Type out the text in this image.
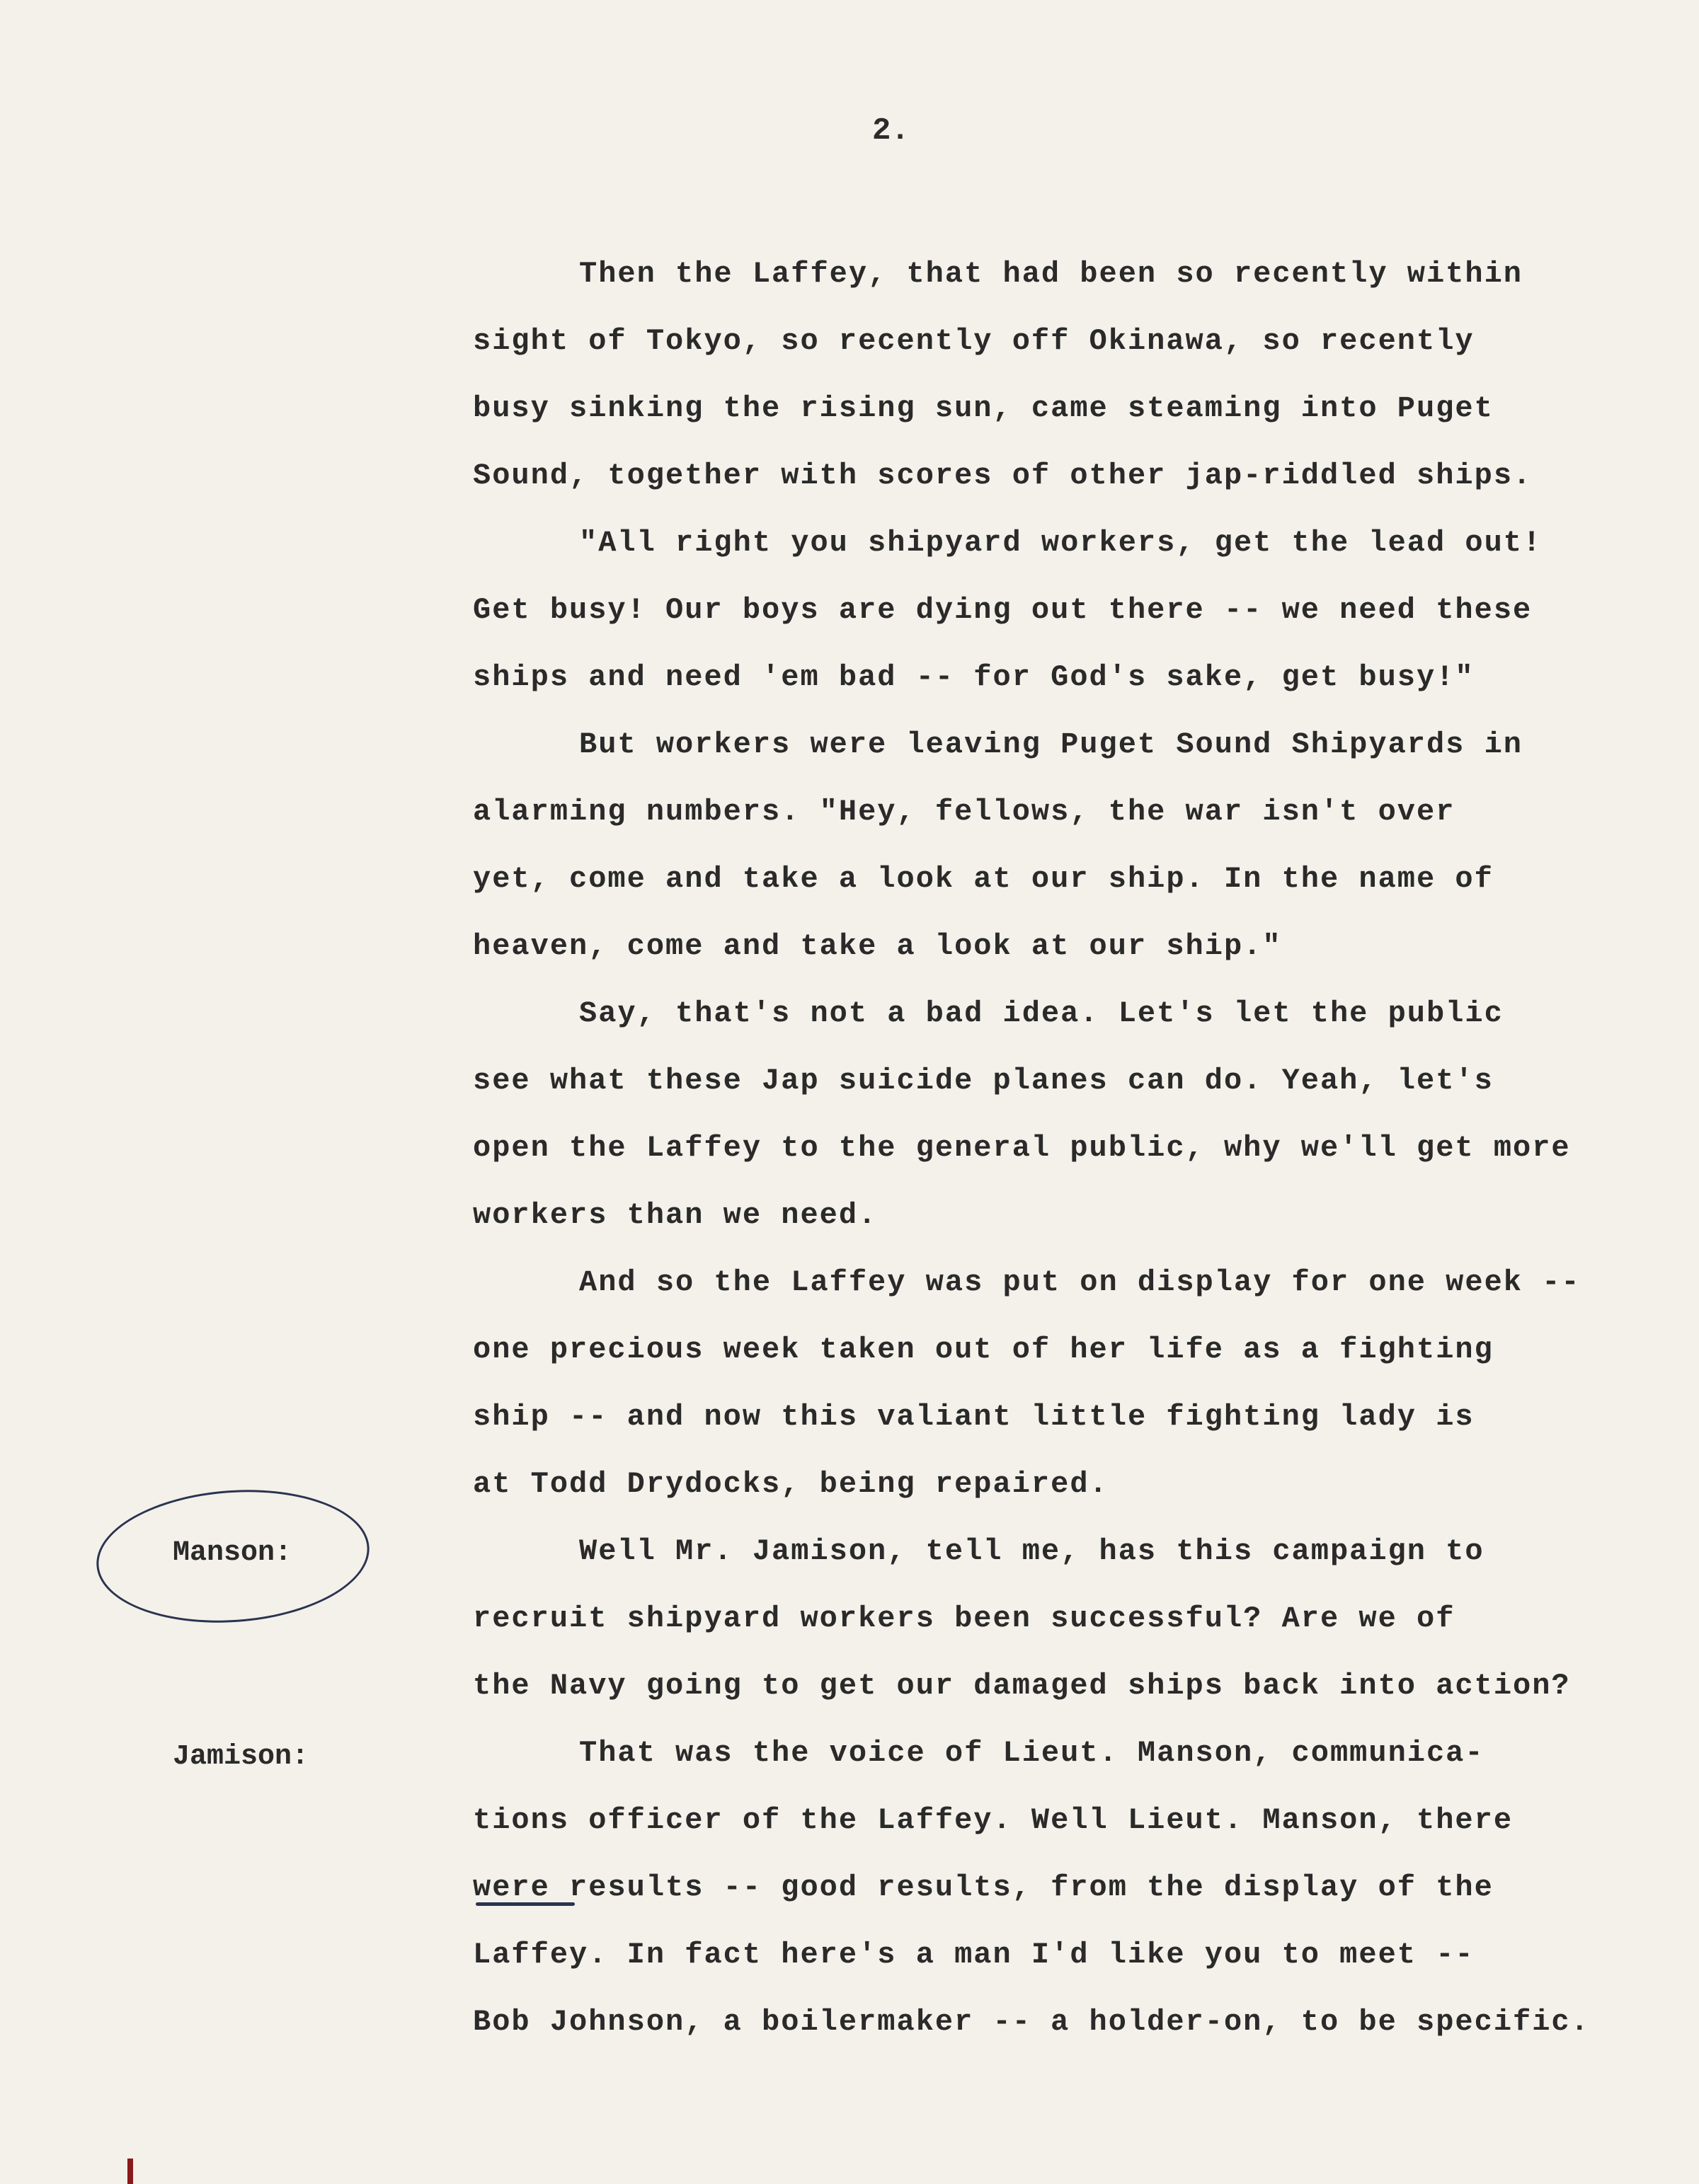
2.
Manson:
Jamison:
Then the Laffey, that had been so recently within
sight of Tokyo, so recently off Okinawa, so recently
busy sinking the rising sun, came steaming into Puget
Sound, together with scores of other jap-riddled ships.
"All right you shipyard workers, get the lead out!
Get busy! Our boys are dying out there -- we need these
ships and need 'em bad -- for God's sake, get busy!"
But workers were leaving Puget Sound Shipyards in
alarming numbers. "Hey, fellows, the war isn't over
yet, come and take a look at our ship. In the name of
heaven, come and take a look at our ship."
Say, that's not a bad idea. Let's let the public
see what these Jap suicide planes can do. Yeah, let's
open the Laffey to the general public, why we'll get more
workers than we need.
And so the Laffey was put on display for one week --
one precious week taken out of her life as a fighting
ship -- and now this valiant little fighting lady is
at Todd Drydocks, being repaired.
Well Mr. Jamison, tell me, has this campaign to
recruit shipyard workers been successful? Are we of
the Navy going to get our damaged ships back into action?
That was the voice of Lieut. Manson, communica-
tions officer of the Laffey. Well Lieut. Manson, there
were results -- good results, from the display of the
Laffey. In fact here's a man I'd like you to meet --
Bob Johnson, a boilermaker -- a holder-on, to be specific.
